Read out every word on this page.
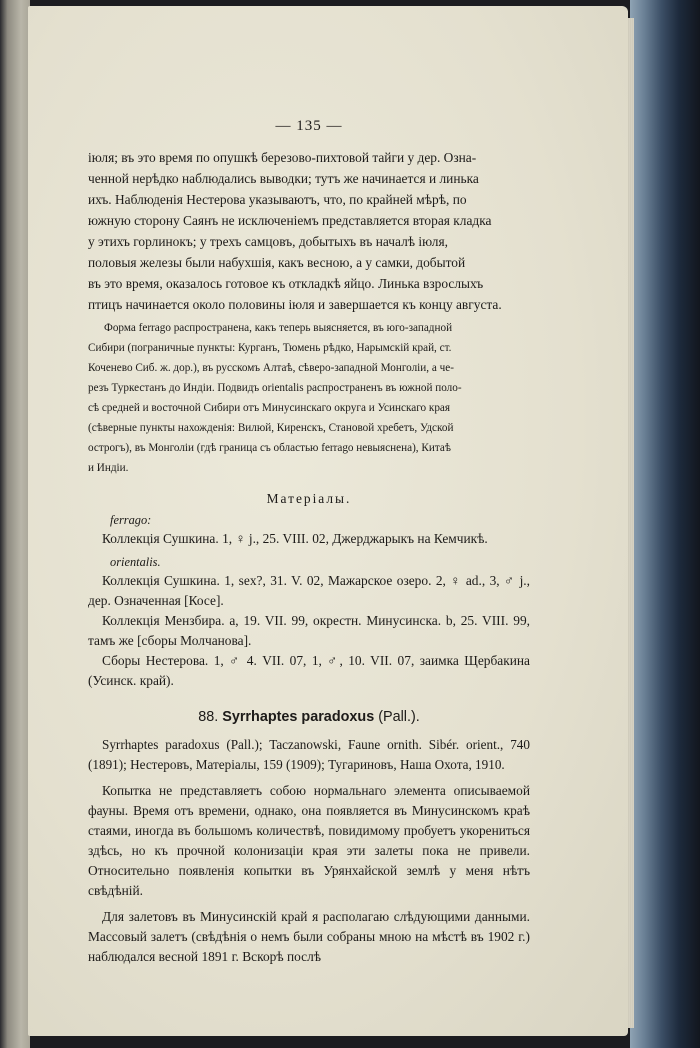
— 135 —

іюля; въ это время по опушкѣ березово-пихтовой тайги у дер. Озна-

ченной нерѣдко наблюдались выводки; тутъ же начинается и линька

ихъ. Наблюденія Нестерова указываютъ, что, по крайней мѣрѣ, по

южную сторону Саянъ не исключеніемъ представляется вторая кладка

у этихъ горлинокъ; у трехъ самцовъ, добытыхъ въ началѣ іюля,

половыя железы были набухшія, какъ весною, а у самки, добытой

въ это время, оказалось готовое къ откладкѣ яйцо. Линька взрослыхъ

птицъ начинается около половины іюля и завершается къ концу августа.

Форма ferrago распространена, какъ теперь выясняется, въ юго-западной

Сибири (пограничные пункты: Курганъ, Тюмень рѣдко, Нарымскій край, ст.

Коченево Сиб. ж. дор.), въ русскомъ Алтаѣ, сѣверо-западной Монголіи, а че-

резъ Туркестанъ до Индіи. Подвидъ orientalis распространенъ въ южной поло-

сѣ средней и восточной Сибири отъ Минусинскаго округа и Усинскаго края

(сѣверные пункты нахожденія: Вилюй, Киренскъ, Становой хребетъ, Удской

острогъ), въ Монголіи (гдѣ граница съ областью ferrago невыяснена), Китаѣ

и Индіи.

Матеріалы.
ferrago:
Коллекція Сушкина. 1, ♀ j., 25. VIII. 02, Джерджарыкъ на Кемчикѣ.
orientalis.
Коллекція Сушкина. 1, sex?, 31. V. 02, Мажарское озеро. 2, ♀ ad., 3, ♂ j., дер. Означенная [Косе].
Коллекція Мензбира. a, 19. VII. 99, окрестн. Минусинска. b, 25. VIII. 99, тамъ же [сборы Молчанова].
Сборы Нестерова. 1, ♂ 4. VII. 07, 1, ♂, 10. VII. 07, заимка Щербакина (Усинск. край).
88. Syrrhaptes paradoxus (Pall.).
Syrrhaptes paradoxus (Pall.); Taczanowski, Faune ornith. Sibér. orient., 740 (1891); Нестеровъ, Матеріалы, 159 (1909); Тугариновъ, Наша Охота, 1910.
Копытка не представляетъ собою нормальнаго элемента описываемой фауны. Время отъ времени, однако, она появляется въ Минусинскомъ краѣ стаями, иногда въ большомъ количествѣ, повидимому пробуетъ укорениться здѣсь, но къ прочной колонизаціи края эти залеты пока не привели. Относительно появленія копытки въ Урянхайской землѣ у меня нѣтъ свѣдѣній.
Для залетовъ въ Минусинскій край я располагаю слѣдующими данными. Массовый залетъ (свѣдѣнія о немъ были собраны мною на мѣстѣ въ 1902 г.) наблюдался весной 1891 г. Вскорѣ послѣ
